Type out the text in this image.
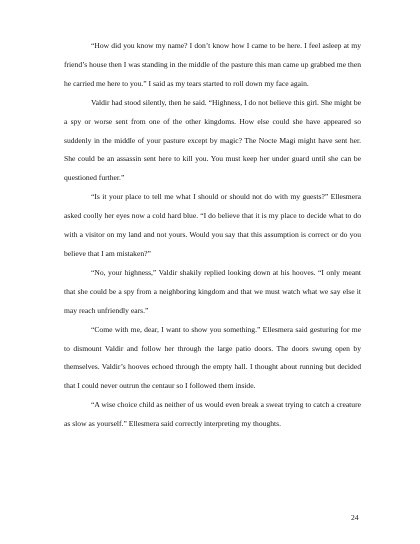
“How did you know my name? I don’t know how I came to be here. I feel asleep at my friend’s house then I was standing in the middle of the pasture this man came up grabbed me then he carried me here to you.” I said as my tears started to roll down my face again.

Valdir had stood silently, then he said. “Highness, I do not believe this girl. She might be a spy or worse sent from one of the other kingdoms. How else could she have appeared so suddenly in the middle of your pasture except by magic? The Nocte Magi might have sent her. She could be an assassin sent here to kill you. You must keep her under guard until she can be questioned further.”

“Is it your place to tell me what I should or should not do with my guests?” Ellesmera asked coolly her eyes now a cold hard blue. “I do believe that it is my place to decide what to do with a visitor on my land and not yours. Would you say that this assumption is correct or do you believe that I am mistaken?”

“No, your highness,” Valdir shakily replied looking down at his hooves. “I only meant that she could be a spy from a neighboring kingdom and that we must watch what we say else it may reach unfriendly ears.”

“Come with me, dear, I want to show you something.” Ellesmera said gesturing for me to dismount Valdir and follow her through the large patio doors. The doors swung open by themselves. Valdir’s hooves echoed through the empty hall. I thought about running but decided that I could never outrun the centaur so I followed them inside.

“A wise choice child as neither of us would even break a sweat trying to catch a creature as slow as yourself.” Ellesmera said correctly interpreting my thoughts.

24
